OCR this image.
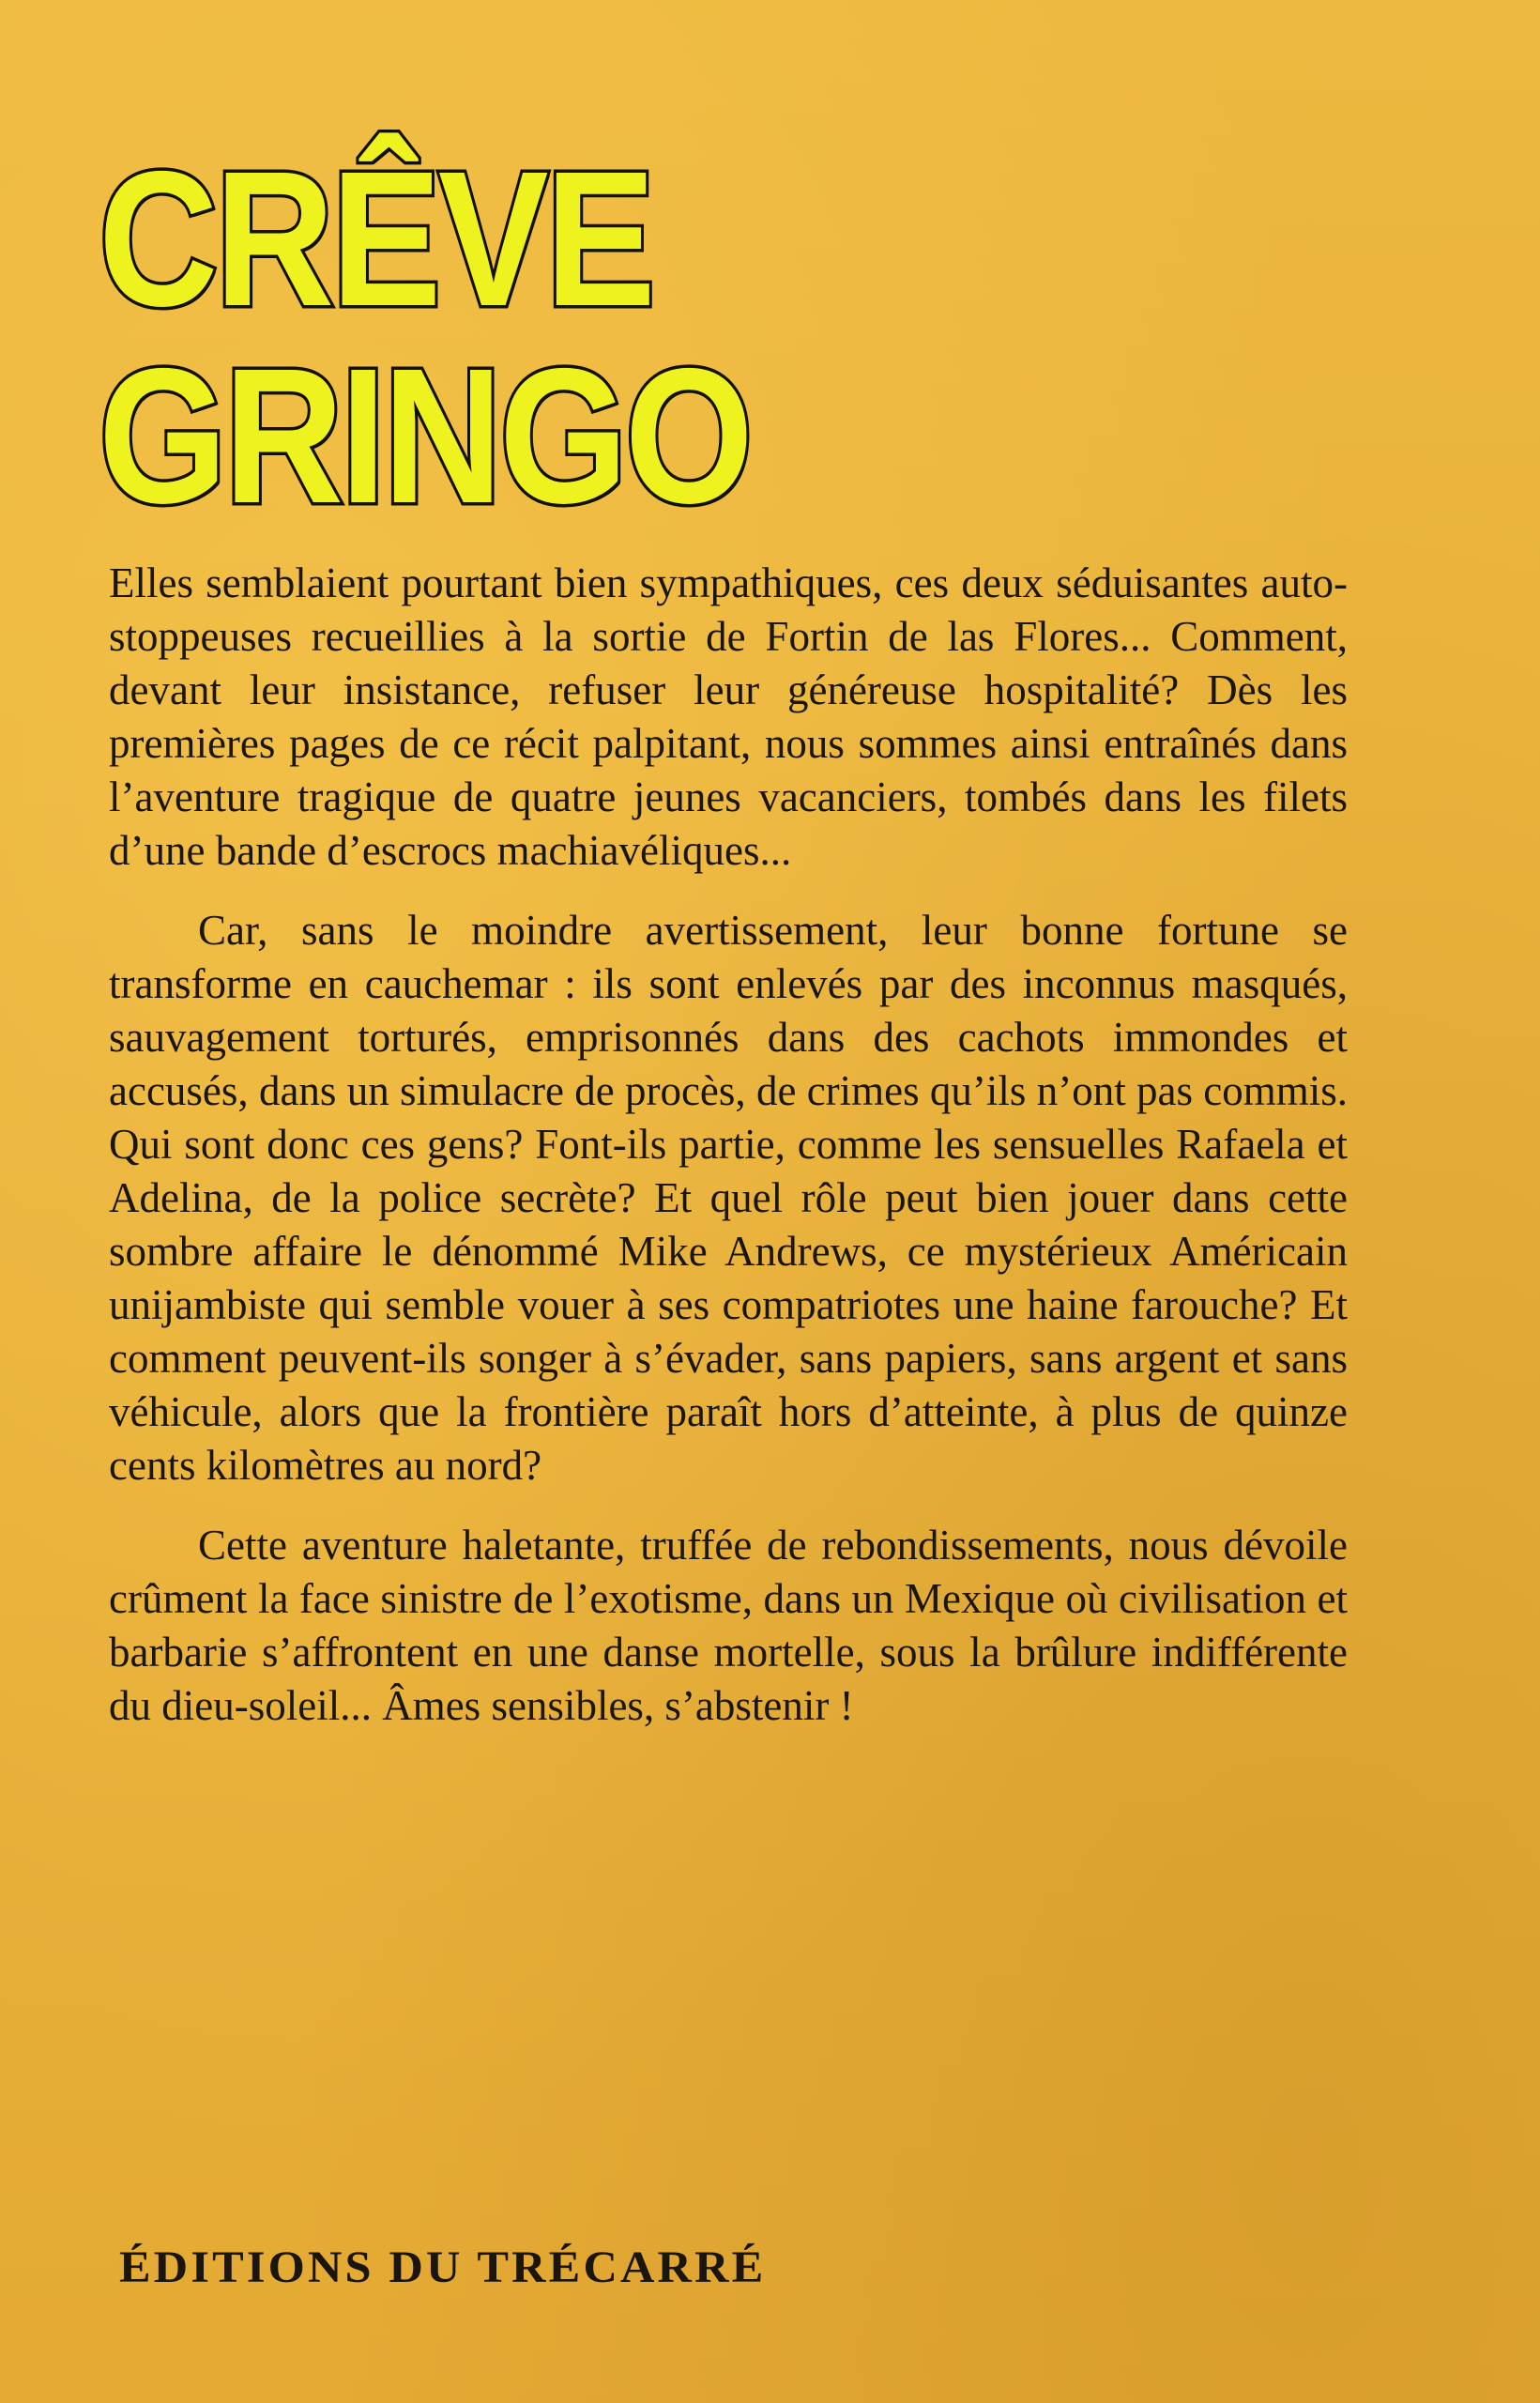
CRÊVE
GRINGO

Elles semblaient pourtant bien sympathiques, ces deux séduisantes auto-stoppeuses recueillies à la sortie de Fortin de las Flores... Comment, devant leur insistance, refuser leur généreuse hospitalité? Dès les premières pages de ce récit palpitant, nous sommes ainsi entraînés dans l’aventure tragique de quatre jeunes vacanciers, tombés dans les filets d’une bande d’escrocs machiavéliques...

Car, sans le moindre avertissement, leur bonne fortune se transforme en cauchemar : ils sont enlevés par des inconnus masqués, sauvagement torturés, emprisonnés dans des cachots immondes et accusés, dans un simulacre de procès, de crimes qu’ils n’ont pas commis. Qui sont donc ces gens? Font-ils partie, comme les sensuelles Rafaela et Adelina, de la police secrète? Et quel rôle peut bien jouer dans cette sombre affaire le dénommé Mike Andrews, ce mystérieux Américain unijambiste qui semble vouer à ses compatriotes une haine farouche? Et comment peuvent-ils songer à s’évader, sans papiers, sans argent et sans véhicule, alors que la frontière paraît hors d’atteinte, à plus de quinze cents kilomètres au nord?

Cette aventure haletante, truffée de rebondissements, nous dévoile crûment la face sinistre de l’exotisme, dans un Mexique où civilisation et barbarie s’affrontent en une danse mortelle, sous la brûlure indifférente du dieu-soleil... Âmes sensibles, s’abstenir !

ÉDITIONS DU TRÉCARRÉ
